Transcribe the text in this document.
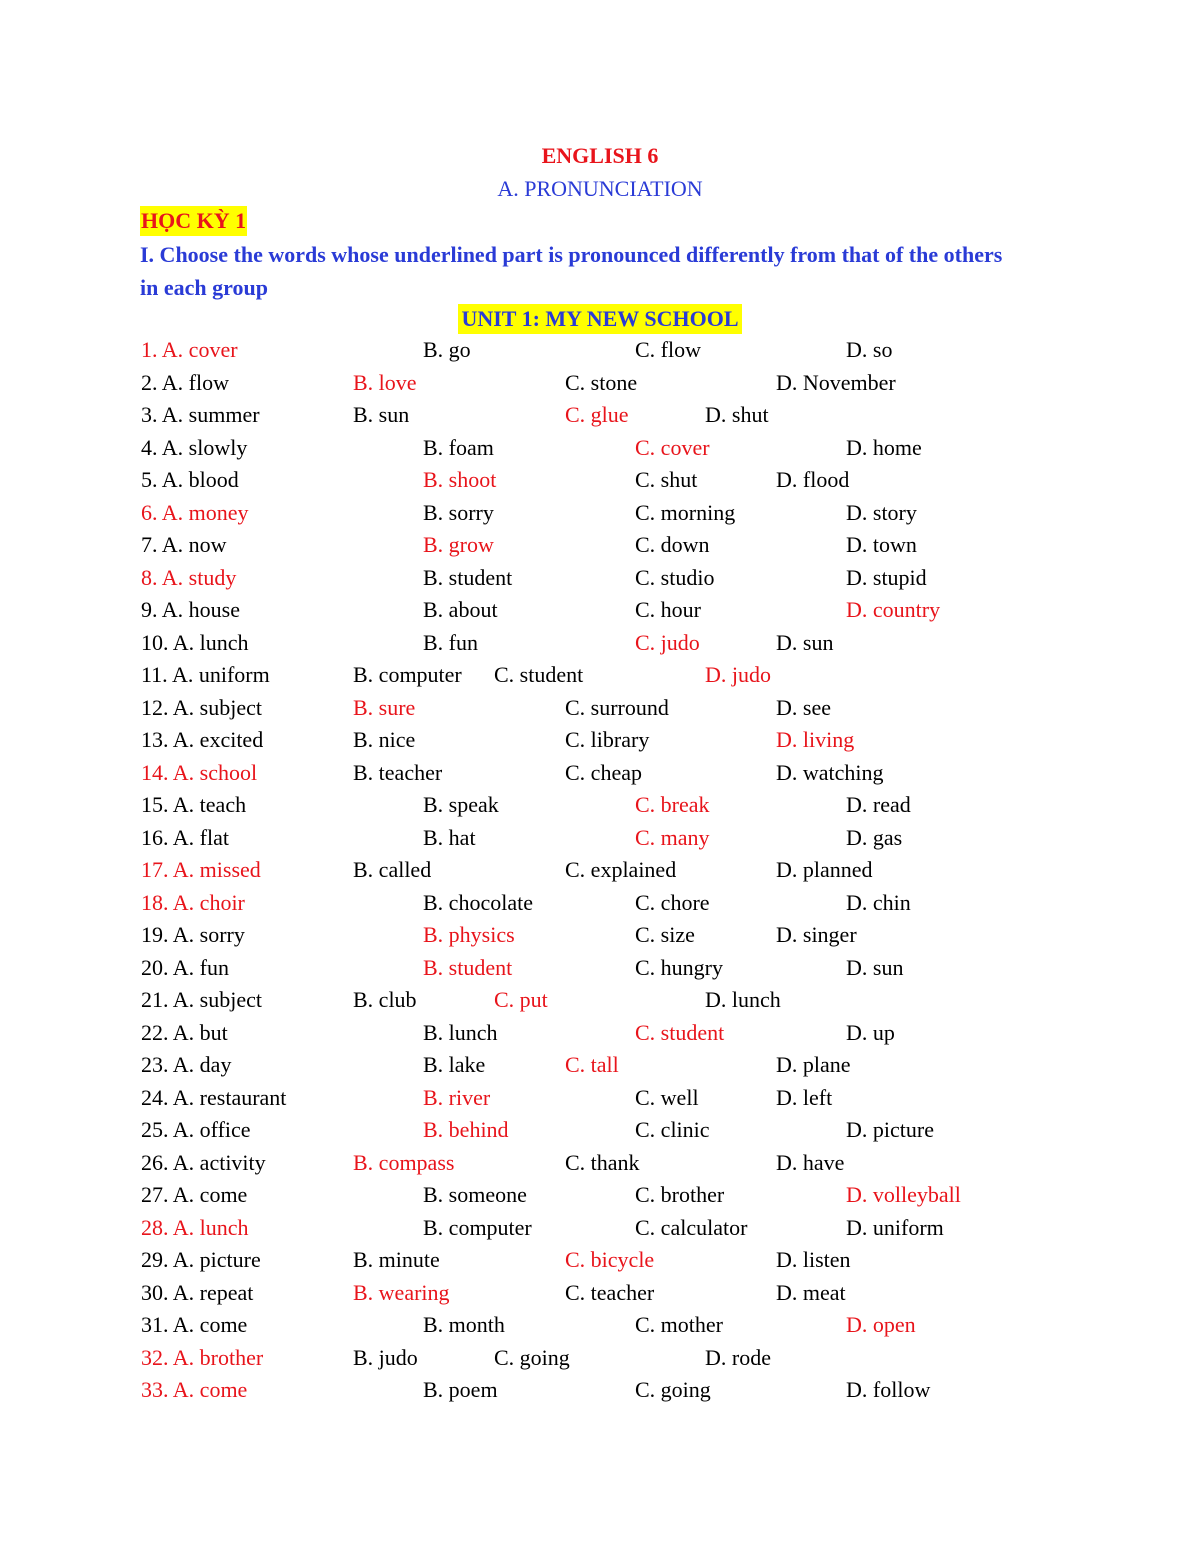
ENGLISH 6
A. PRONUNCIATION
HỌC KỲ 1
I. Choose the words whose underlined part is pronounced differently from that of the others in each group
UNIT 1: MY NEW SCHOOL
1. A. cover	B. go	C. flow	D. so
2. A. flow	B. love	C. stone	D. November
3. A. summer	B. sun	C. glue	D. shut
4. A. slowly	B. foam	C. cover	D. home
5. A. blood	B. shoot	C. shut	D. flood
6. A. money	B. sorry	C. morning	D. story
7. A. now	B. grow	C. down	D. town
8. A. study	B. student	C. studio	D. stupid
9. A. house	B. about	C. hour	D. country
10. A. lunch	B. fun	C. judo	D. sun
11. A. uniform	B. computer C. student	D. judo
12. A. subject	B. sure	C. surround	D. see
13. A. excited	B. nice	C. library	D. living
14. A. school	B. teacher	C. cheap	D. watching
15. A. teach	B. speak	C. break	D. read
16. A. flat	B. hat	C. many	D. gas
17. A. missed	B. called	C. explained	D. planned
18. A. choir	B. chocolate	C. chore	D. chin
19. A. sorry	B. physics	C. size	D. singer
20. A. fun	B. student	C. hungry	D. sun
21. A. subject	B. club	C. put	D. lunch
22. A. but	B. lunch	C. student	D. up
23. A. day	B. lake	C. tall	D. plane
24. A. restaurant	B. river	C. well	D. left
25. A. office	B. behind	C. clinic	D. picture
26. A. activity	B. compass	C. thank	D. have
27. A. come	B. someone	C. brother	D. volleyball
28. A. lunch	B. computer	C. calculator	D. uniform
29. A. picture	B. minute	C. bicycle	D. listen
30. A. repeat	B. wearing	C. teacher	D. meat
31. A. come	B. month	C. mother	D. open
32. A. brother	B. judo	C. going	D. rode
33. A. come	B. poem	C. going	D. follow
